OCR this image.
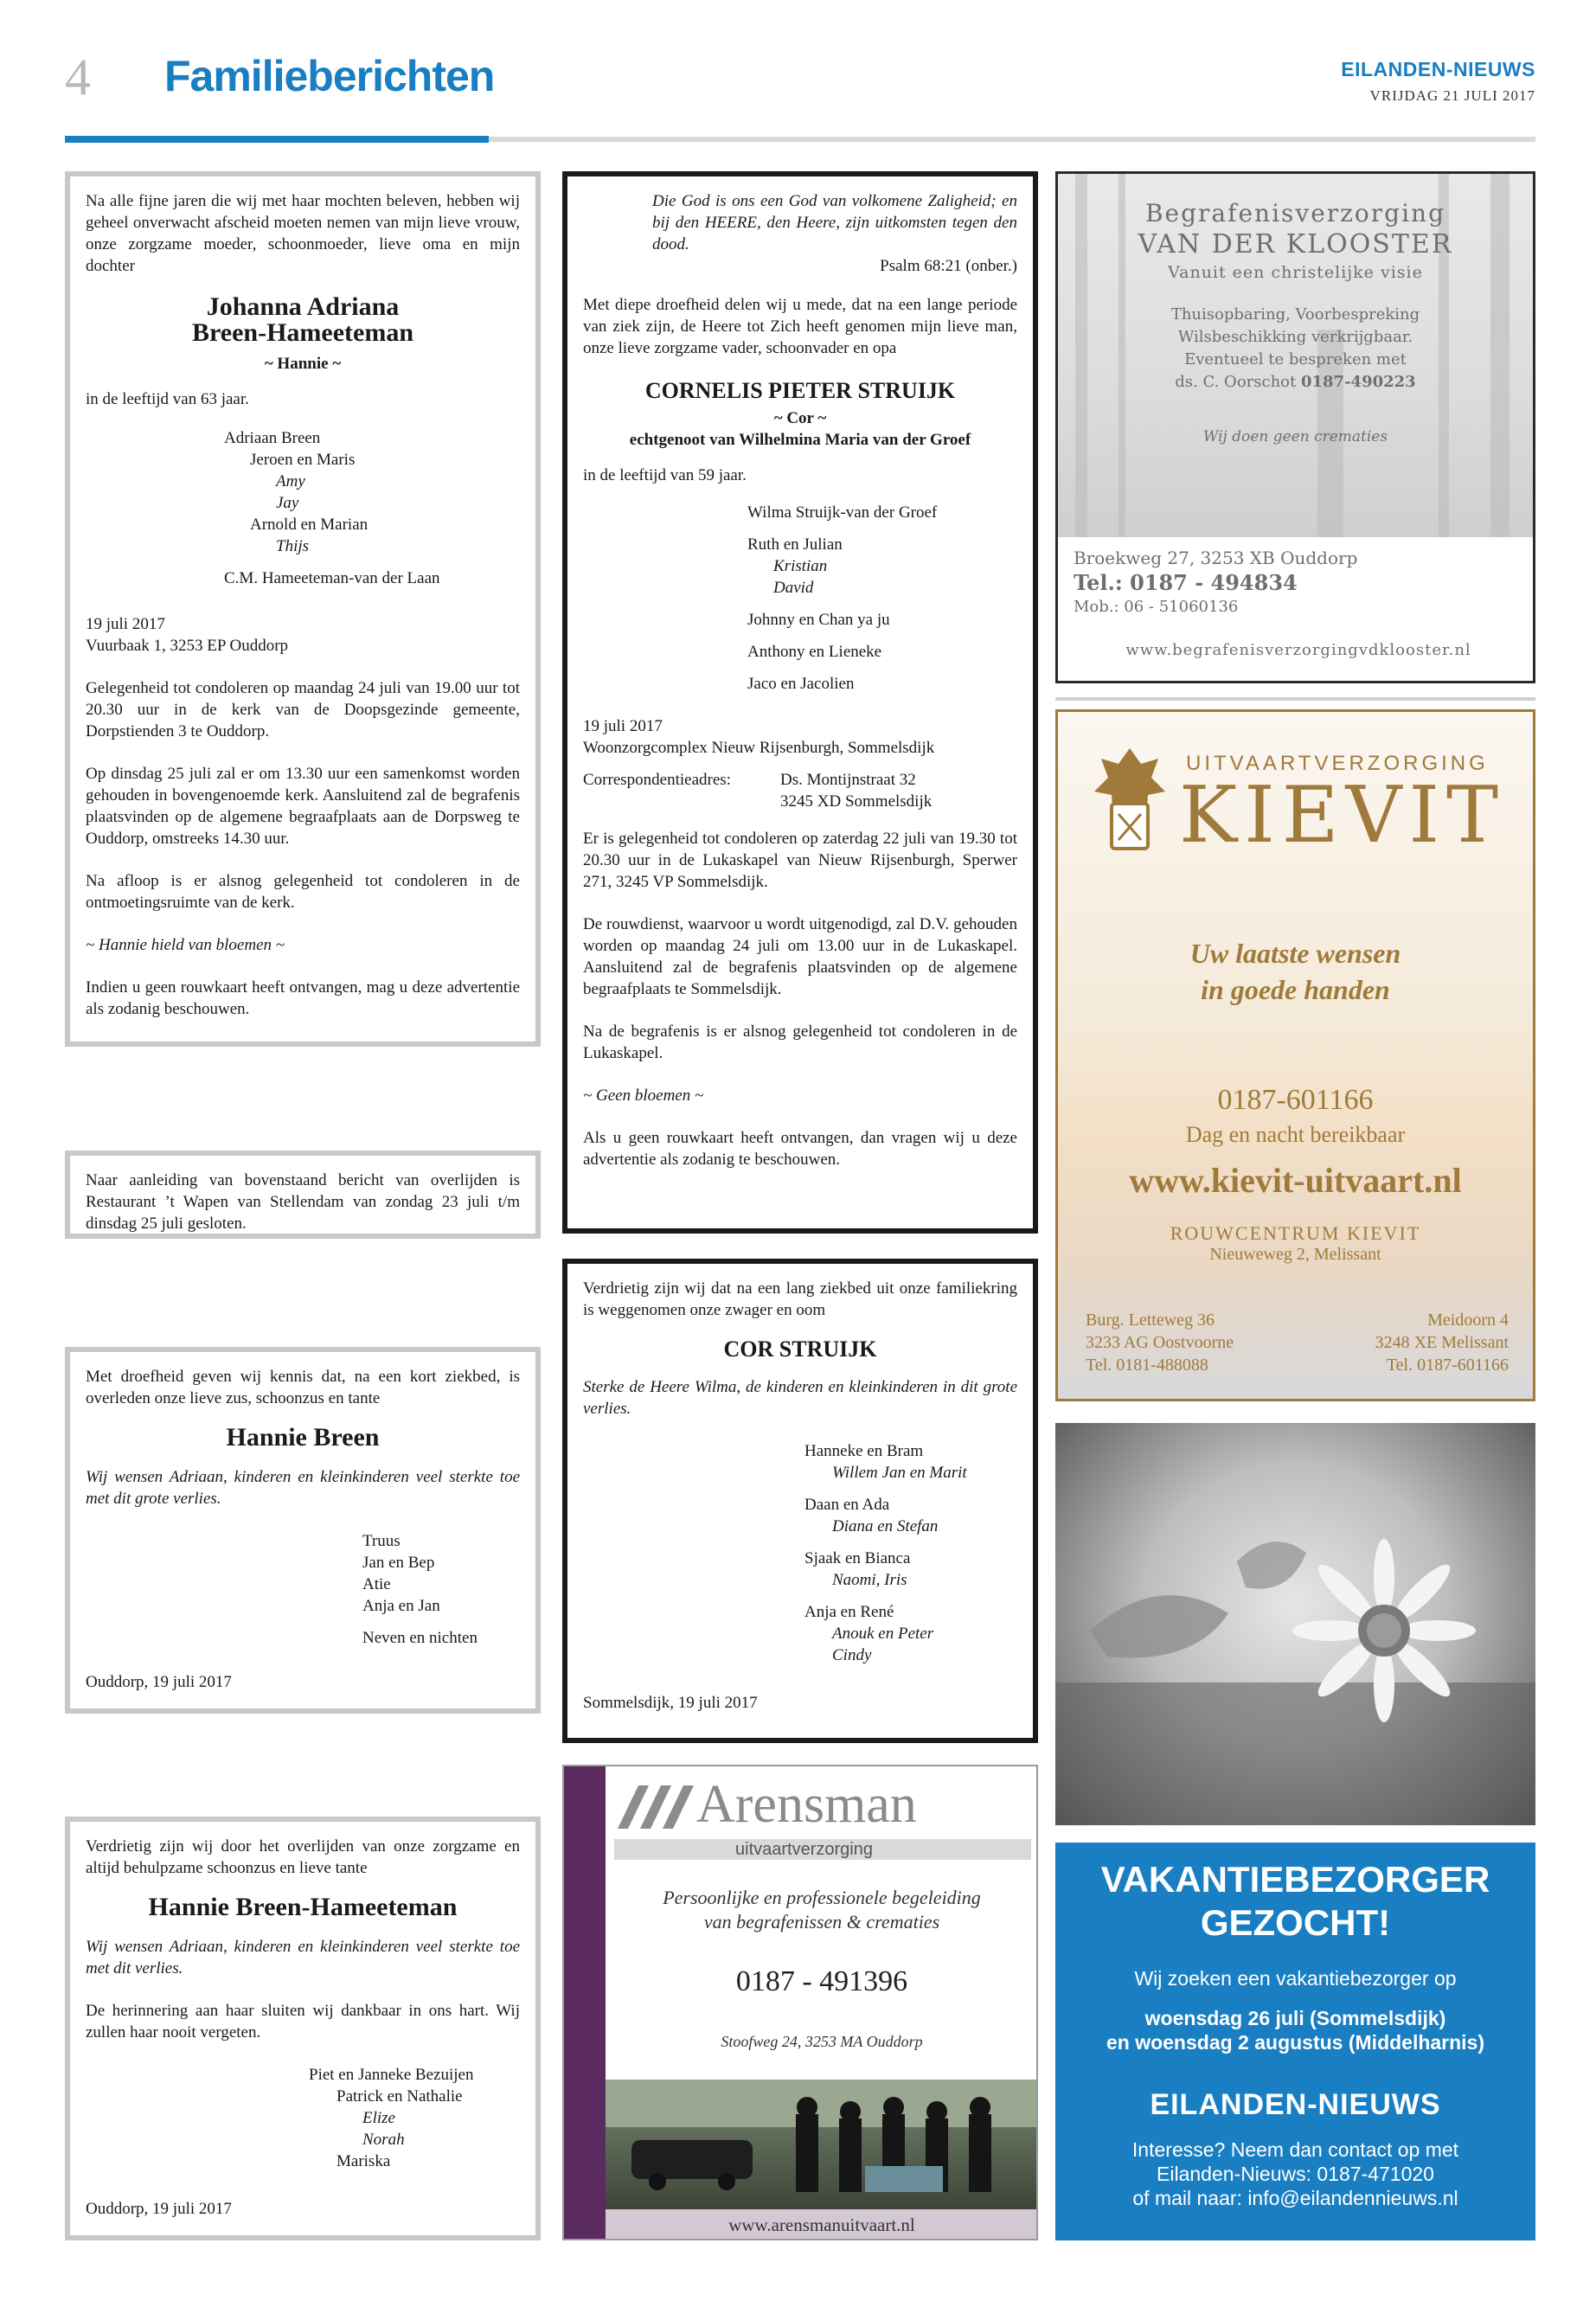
4 Familieberichten	EILANDEN-NIEUWS
VRIJDAG 21 JULI 2017

Na alle fijne jaren die wij met haar mochten beleven, hebben wij geheel onverwacht afscheid moeten nemen van mijn lieve vrouw, onze zorgzame moeder, schoonmoeder, lieve oma en mijn dochter

Johanna Adriana
Breen-Hameeteman
~ Hannie ~

in de leeftijd van 63 jaar.

Adriaan Breen
Jeroen en Maris
Amy
Jay
Arnold en Marian
Thijs
C.M. Hameeteman-van der Laan

19 juli 2017

Vuurbaak 1, 3253 EP Ouddorp

Gelegenheid tot condoleren op maandag 24 juli van 19.00 uur tot 20.30 uur in de kerk van de Doopsgezinde gemeente, Dorpstienden 3 te Ouddorp.

Op dinsdag 25 juli zal er om 13.30 uur een samenkomst worden gehouden in bovengenoemde kerk. Aansluitend zal de begrafenis plaatsvinden op de algemene begraafplaats aan de Dorpsweg te Ouddorp, omstreeks 14.30 uur.

Na afloop is er alsnog gelegenheid tot condoleren in de ontmoetingsruimte van de kerk.

~ Hannie hield van bloemen ~

Indien u geen rouwkaart heeft ontvangen, mag u deze advertentie als zodanig beschouwen.

Naar aanleiding van bovenstaand bericht van overlijden is Restaurant ’t Wapen van Stellendam van zondag 23 juli t/m dinsdag 25 juli gesloten.

Met droefheid geven wij kennis dat, na een kort ziekbed, is overleden onze lieve zus, schoonzus en tante

Hannie Breen

Wij wensen Adriaan, kinderen en kleinkinderen veel sterkte toe met dit grote verlies.

Truus
Jan en Bep
Atie
Anja en Jan
Neven en nichten

Ouddorp, 19 juli 2017

Verdrietig zijn wij door het overlijden van onze zorgzame en altijd behulpzame schoonzus en lieve tante

Hannie Breen-Hameeteman

Wij wensen Adriaan, kinderen en kleinkinderen veel sterkte toe met dit verlies.

De herinnering aan haar sluiten wij dankbaar in ons hart. Wij zullen haar nooit vergeten.

Piet en Janneke Bezuijen
Patrick en Nathalie
Elize
Norah
Mariska

Ouddorp, 19 juli 2017

Die God is ons een God van volkomene Zaligheid; en bij den HEERE, den Heere, zijn uitkomsten tegen den dood.
Psalm 68:21 (onber.)

Met diepe droefheid delen wij u mede, dat na een lange periode van ziek zijn, de Heere tot Zich heeft genomen mijn lieve man, onze lieve zorgzame vader, schoonvader en opa

CORNELIS PIETER STRUIJK
~ Cor ~
echtgenoot van Wilhelmina Maria van der Groef

in de leeftijd van 59 jaar.

Wilma Struijk-van der Groef
Ruth en Julian
Kristian
David
Johnny en Chan ya ju
Anthony en Lieneke
Jaco en Jacolien

19 juli 2017

Woonzorgcomplex Nieuw Rijsenburgh, Sommelsdijk

Correspondentieadres:	Ds. Montijnstraat 32
3245 XD Sommelsdijk

Er is gelegenheid tot condoleren op zaterdag 22 juli van 19.30 tot 20.30 uur in de Lukaskapel van Nieuw Rijsenburgh, Sperwer 271, 3245 VP Sommelsdijk.

De rouwdienst, waarvoor u wordt uitgenodigd, zal D.V. gehouden worden op maandag 24 juli om 13.00 uur in de Lukaskapel. Aansluitend zal de begrafenis plaatsvinden op de algemene begraafplaats te Sommelsdijk.

Na de begrafenis is er alsnog gelegenheid tot condoleren in de Lukaskapel.

~ Geen bloemen ~

Als u geen rouwkaart heeft ontvangen, dan vragen wij u deze advertentie als zodanig te beschouwen.

Verdrietig zijn wij dat na een lang ziekbed uit onze familiekring is weggenomen onze zwager en oom

COR STRUIJK

Sterke de Heere Wilma, de kinderen en kleinkinderen in dit grote verlies.

Hanneke en Bram
Willem Jan en Marit
Daan en Ada
Diana en Stefan
Sjaak en Bianca
Naomi, Iris
Anja en René
Anouk en Peter
Cindy

Sommelsdijk, 19 juli 2017

Arensman
uitvaartverzorging
Persoonlijke en professionele begeleiding
van begrafenissen & crematies
0187 - 491396
Stoofweg 24, 3253 MA Ouddorp
www.arensmanuitvaart.nl
Begrafenisverzorging
VAN DER KLOOSTER
Vanuit een christelijke visie
Thuisopbaring, Voorbespreking
Wilsbeschikking verkrijgbaar.
Eventueel te bespreken met
ds. C. Oorschot 0187-490223
Wij doen geen crematies
Broekweg 27, 3253 XB Ouddorp
Tel.: 0187 - 494834
Mob.: 06 - 51060136
www.begrafenisverzorgingvdklooster.nl
UITVAARTVERZORGING
KIEVIT
Uw laatste wensen
in goede handen
0187-601166
Dag en nacht bereikbaar
www.kievit-uitvaart.nl
ROUWCENTRUM KIEVIT
Nieuweweg 2, Melissant
Burg. Letteweg 36
3233 AG Oostvoorne
Tel. 0181-488088
Meidoorn 4
3248 XE Melissant
Tel. 0187-601166
VAKANTIEBEZORGER
GEZOCHT!
Wij zoeken een vakantiebezorger op
woensdag 26 juli (Sommelsdijk)
en woensdag 2 augustus (Middelharnis)
EILANDEN-NIEUWS
Interesse? Neem dan contact op met
Eilanden-Nieuws: 0187-471020
of mail naar: info@eilandennieuws.nl
